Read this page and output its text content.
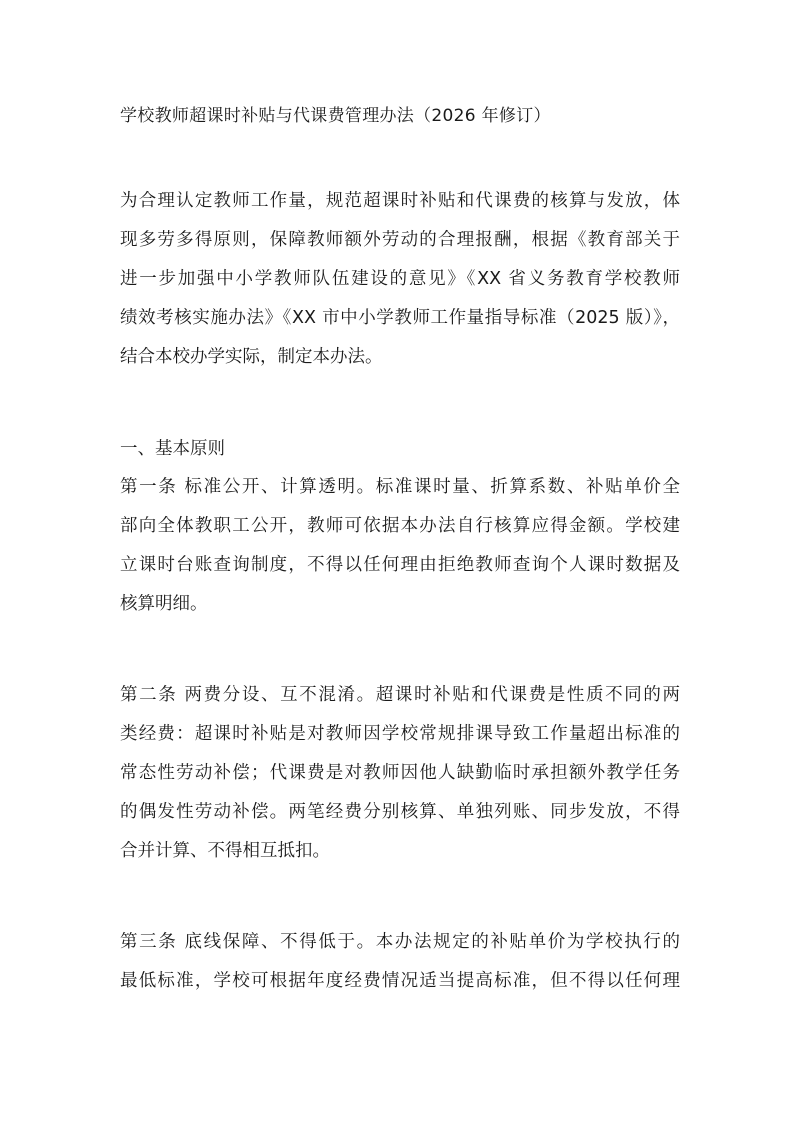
学校教师超课时补贴与代课费管理办法（2026 年修订）
为合理认定教师工作量，规范超课时补贴和代课费的核算与发放，体
现多劳多得原则，保障教师额外劳动的合理报酬，根据《教育部关于
进一步加强中小学教师队伍建设的意见》《XX 省义务教育学校教师
绩效考核实施办法》《XX 市中小学教师工作量指导标准（2025 版）》，
结合本校办学实际，制定本办法。
一、基本原则
第一条 标准公开、计算透明。标准课时量、折算系数、补贴单价全
部向全体教职工公开，教师可依据本办法自行核算应得金额。学校建
立课时台账查询制度，不得以任何理由拒绝教师查询个人课时数据及
核算明细。
第二条 两费分设、互不混淆。超课时补贴和代课费是性质不同的两
类经费：超课时补贴是对教师因学校常规排课导致工作量超出标准的
常态性劳动补偿；代课费是对教师因他人缺勤临时承担额外教学任务
的偶发性劳动补偿。两笔经费分别核算、单独列账、同步发放，不得
合并计算、不得相互抵扣。
第三条 底线保障、不得低于。本办法规定的补贴单价为学校执行的
最低标准，学校可根据年度经费情况适当提高标准，但不得以任何理
